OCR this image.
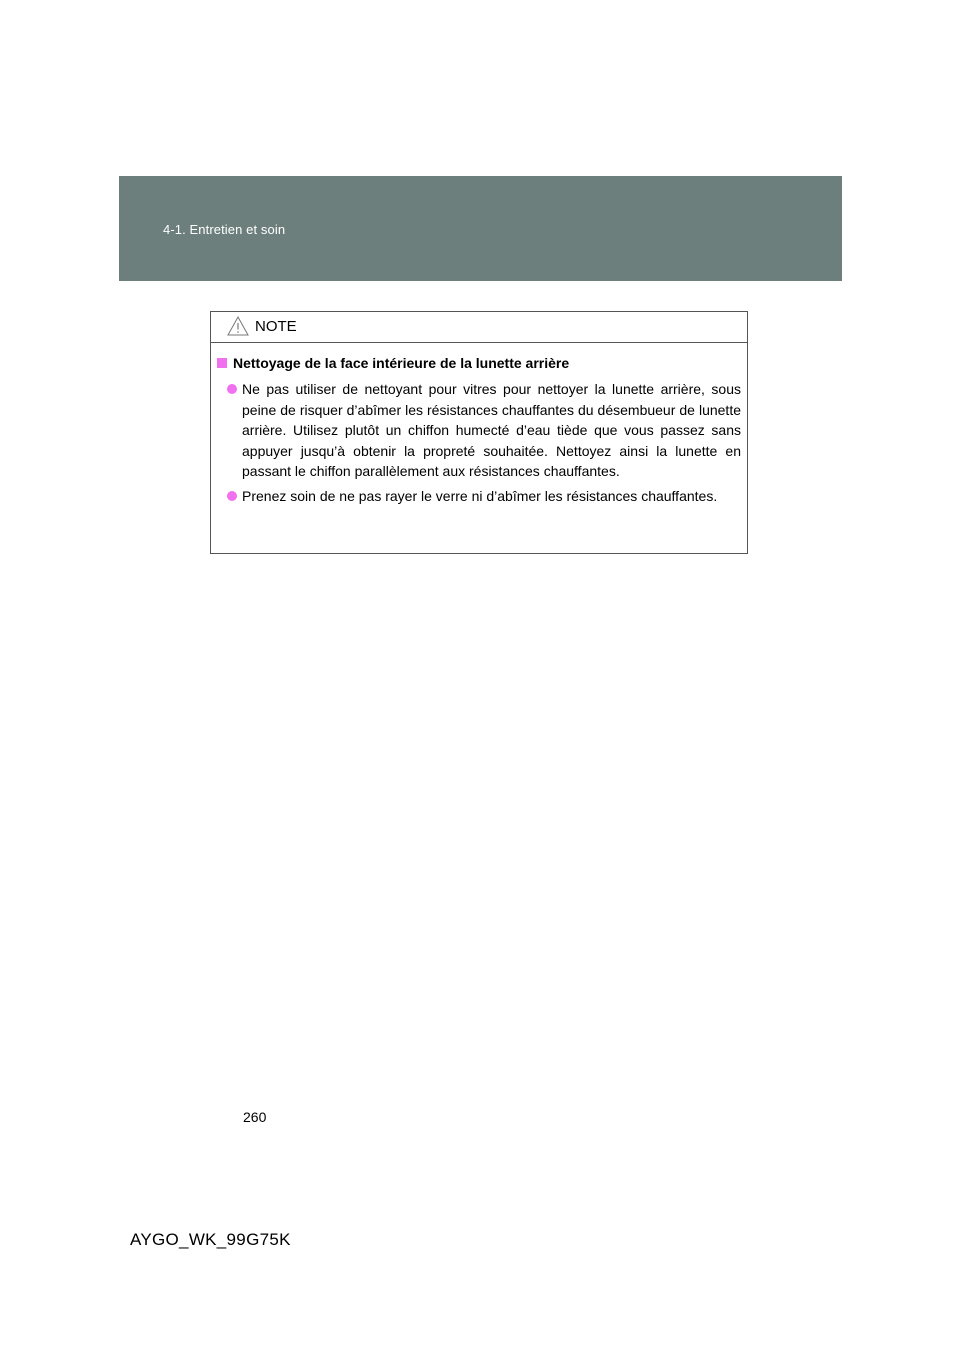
4-1. Entretien et soin
NOTE
Nettoyage de la face intérieure de la lunette arrière
Ne pas utiliser de nettoyant pour vitres pour nettoyer la lunette arrière, sous peine de risquer d’abîmer les résistances chauffantes du désembueur de lunette arrière. Utilisez plutôt un chiffon humecté d’eau tiède que vous passez sans appuyer jusqu’à obtenir la propreté souhaitée. Nettoyez ainsi la lunette en passant le chiffon parallèlement aux résistances chauffantes.
Prenez soin de ne pas rayer le verre ni d’abîmer les résistances chauffantes.
260
AYGO_WK_99G75K
